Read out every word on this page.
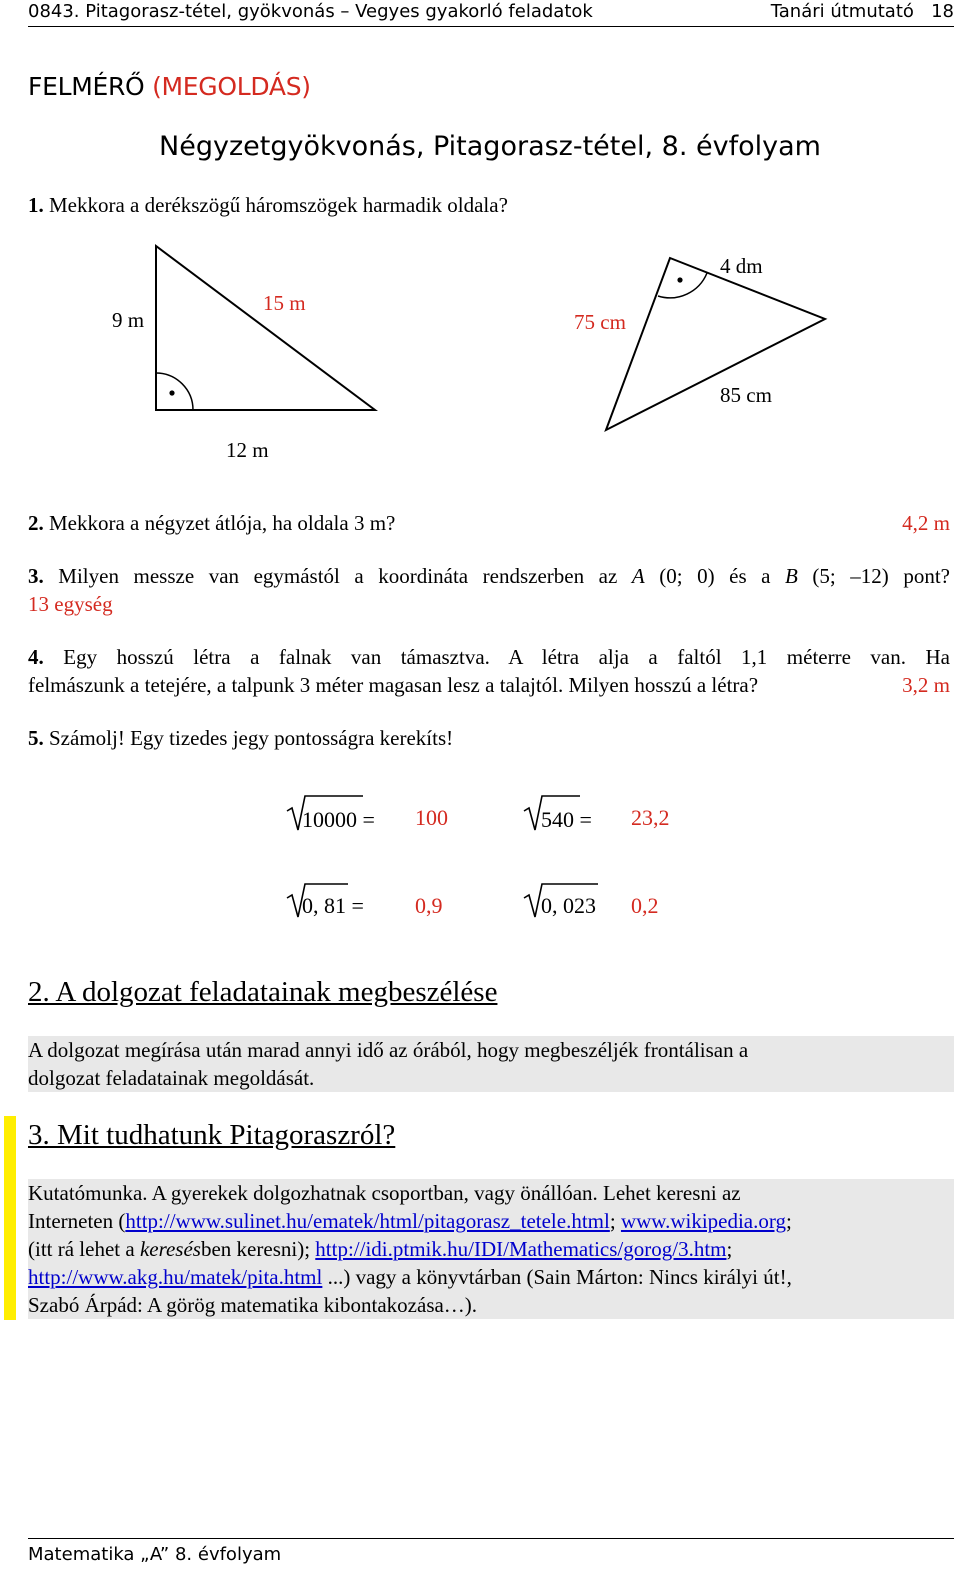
0843. Pitagorasz-tétel, gyökvonás – Vegyes gyakorló feladatok	Tanári útmutató 18
FELMÉRŐ (MEGOLDÁS)
Négyzetgyökvonás, Pitagorasz-tétel, 8. évfolyam
1. Mekkora a derékszögű háromszögek harmadik oldala?
9 m
15 m
12 m
4 dm
75 cm
85 cm
2. Mekkora a négyzet átlója, ha oldala 3 m?	4,2 m
3. Milyen messze van egymástól a koordináta rendszerben az A (0; 0) és a B (5; –12) pont?
13 egység
4. Egy hosszú létra a falnak van támasztva. A létra alja a faltól 1,1 méterre van. Ha
felmászunk a tetejére, a talpunk 3 méter magasan lesz a talajtól. Milyen hosszú a létra?	3,2 m
5. Számolj! Egy tizedes jegy pontosságra kerekíts!
10000 = 100	540 = 23,2
0, 81 = 0,9	0, 023 0,2
2. A dolgozat feladatainak megbeszélése
A dolgozat megírása után marad annyi idő az órából, hogy megbeszéljék frontálisan a
dolgozat feladatainak megoldását.
3. Mit tudhatunk Pitagoraszról?
Kutatómunka. A gyerekek dolgozhatnak csoportban, vagy önállóan. Lehet keresni az
Interneten (http://www.sulinet.hu/ematek/html/pitagorasz_tetele.html; www.wikipedia.org;
(itt rá lehet a keresésben keresni); http://idi.ptmik.hu/IDI/Mathematics/gorog/3.htm;
http://www.akg.hu/matek/pita.html ...) vagy a könyvtárban (Sain Márton: Nincs királyi út!,
Szabó Árpád: A görög matematika kibontakozása…).
Matematika „A” 8. évfolyam
